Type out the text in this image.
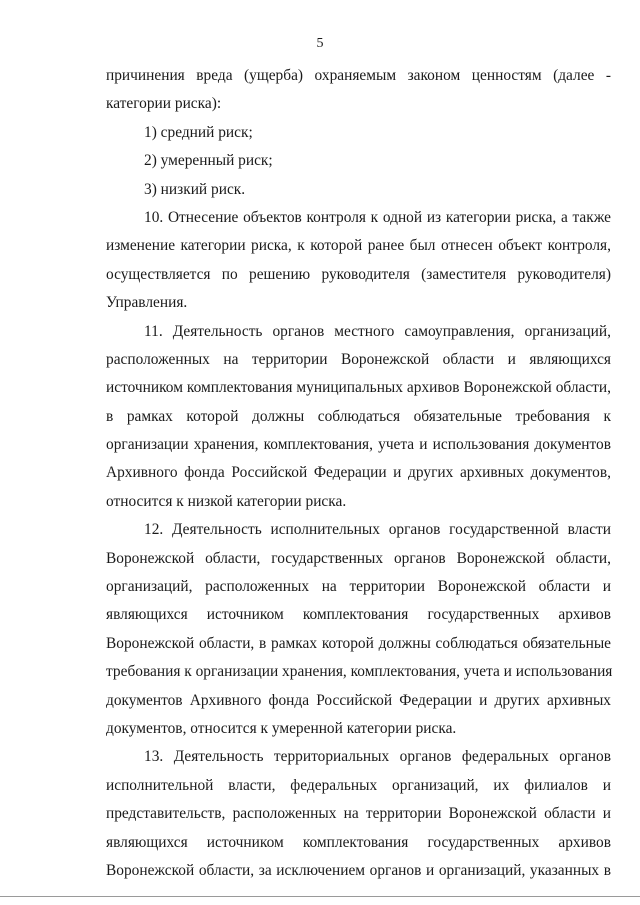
5
причинения вреда (ущерба) охраняемым законом ценностям (далее -
категории риска):
1) средний риск;
2) умеренный риск;
3) низкий риск.
10. Отнесение объектов контроля к одной из категории риска, а также
изменение категории риска, к которой ранее был отнесен объект контроля,
осуществляется по решению руководителя (заместителя руководителя)
Управления.
11. Деятельность органов местного самоуправления, организаций,
расположенных на территории Воронежской области и являющихся
источником комплектования муниципальных архивов Воронежской области,
в рамках которой должны соблюдаться обязательные требования к
организации хранения, комплектования, учета и использования документов
Архивного фонда Российской Федерации и других архивных документов,
относится к низкой категории риска.
12. Деятельность исполнительных органов государственной власти
Воронежской области, государственных органов Воронежской области,
организаций, расположенных на территории Воронежской области и
являющихся источником комплектования государственных архивов
Воронежской области, в рамках которой должны соблюдаться обязательные
требования к организации хранения, комплектования, учета и использования
документов Архивного фонда Российской Федерации и других архивных
документов, относится к умеренной категории риска.
13. Деятельность территориальных органов федеральных органов
исполнительной власти, федеральных организаций, их филиалов и
представительств, расположенных на территории Воронежской области и
являющихся источником комплектования государственных архивов
Воронежской области, за исключением органов и организаций, указанных в
